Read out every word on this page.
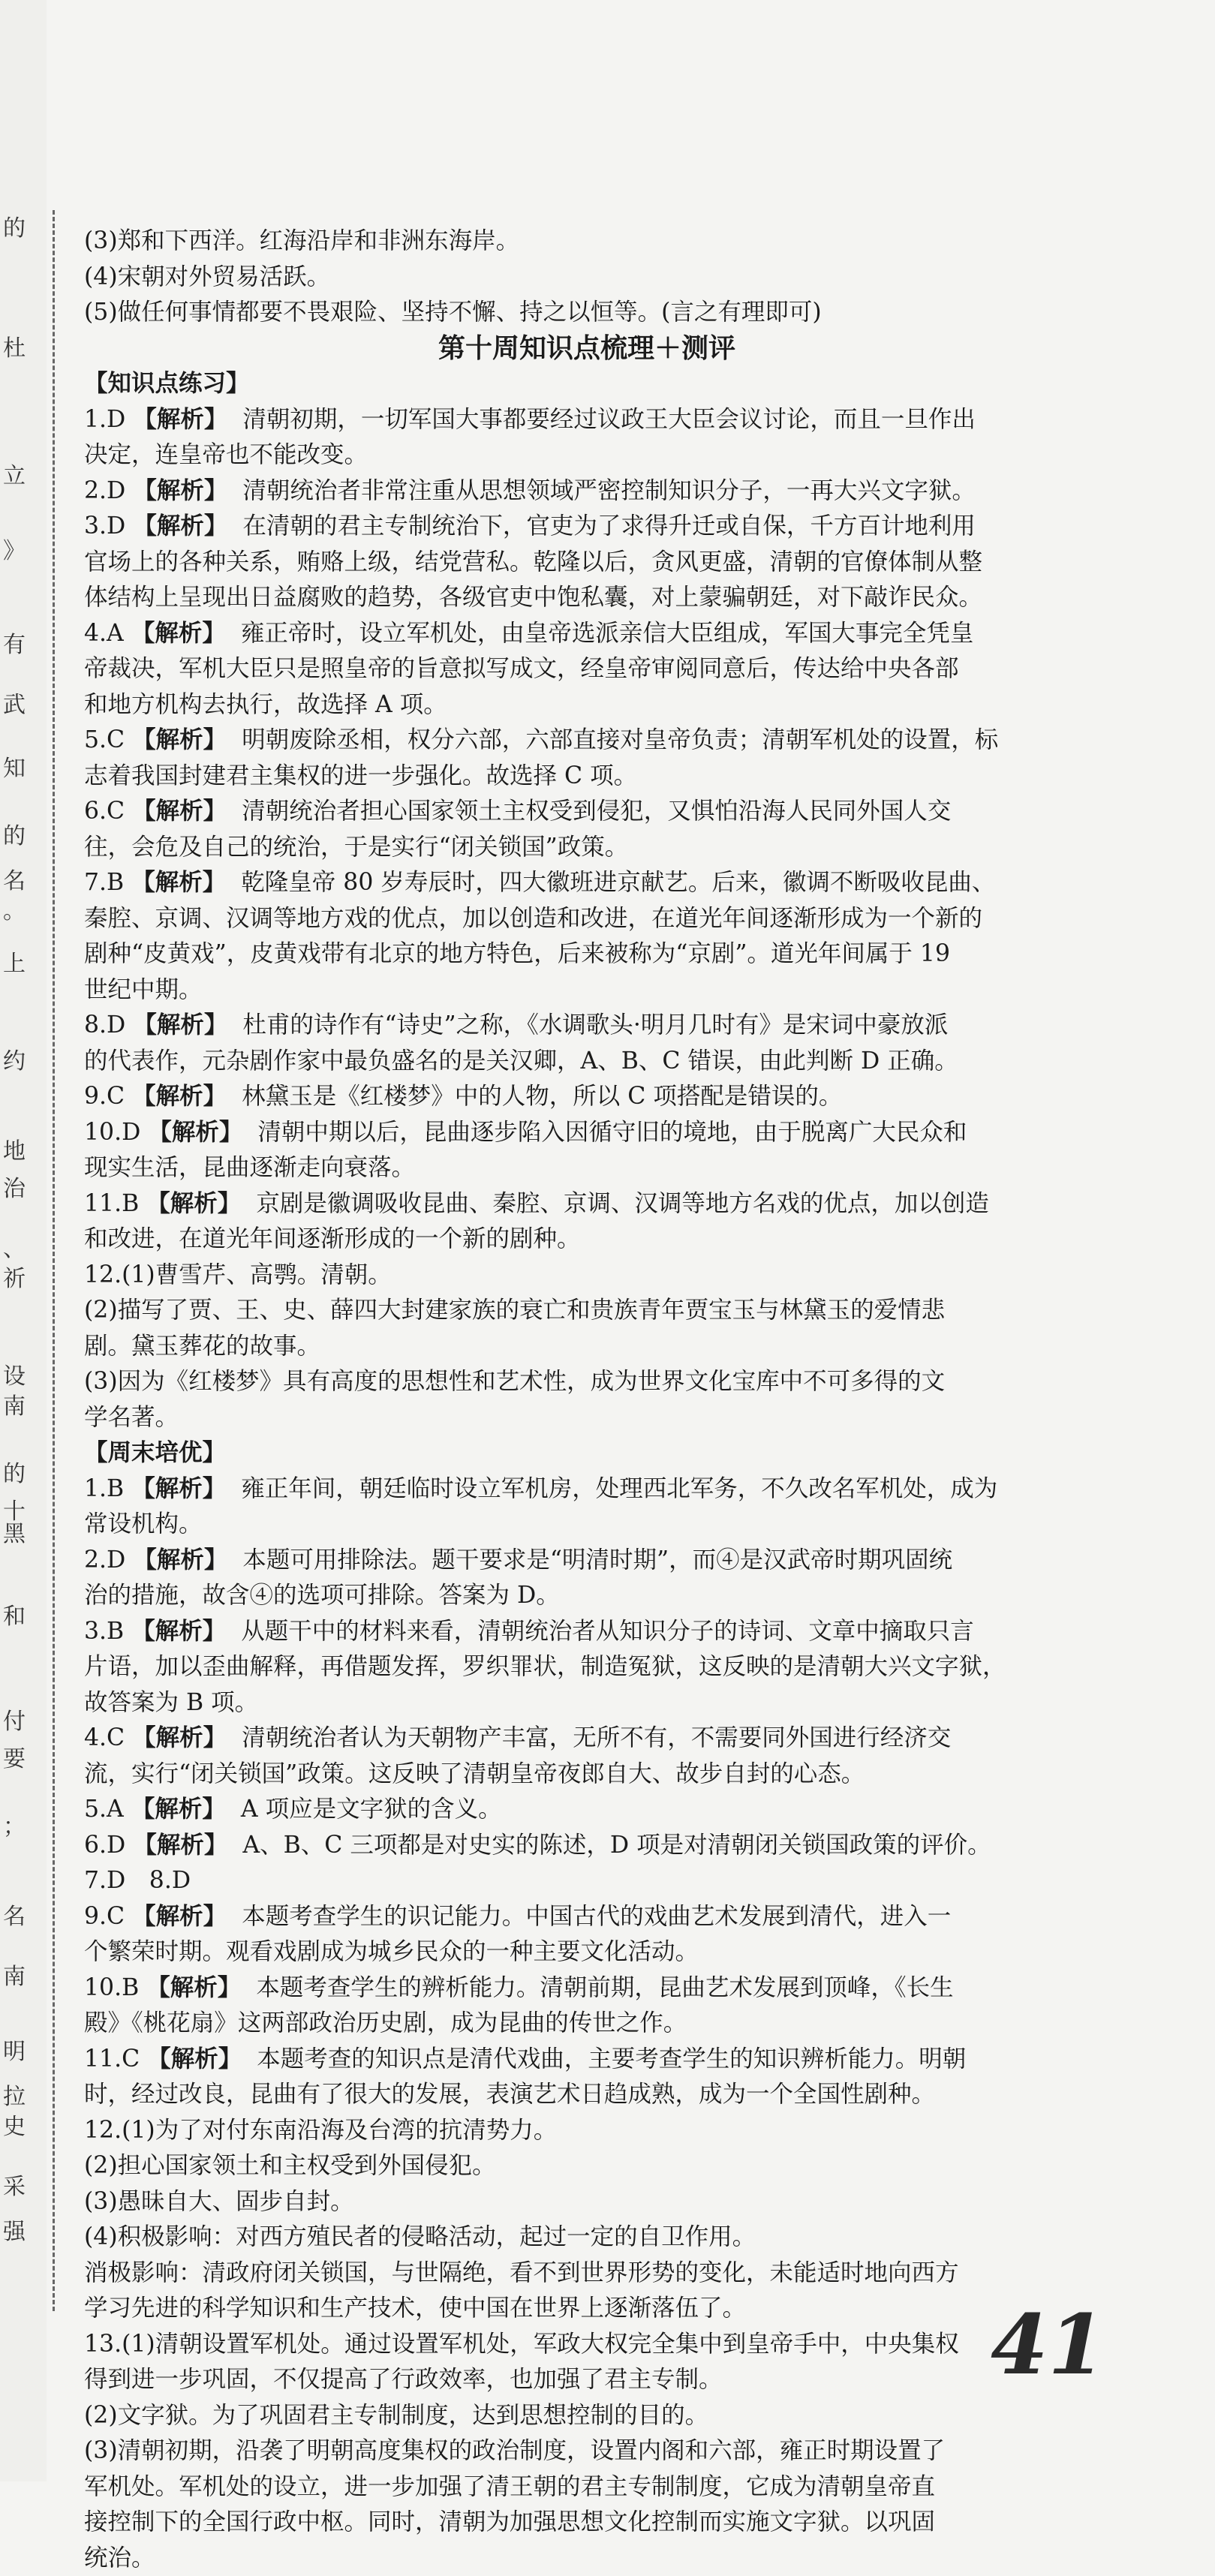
的
杜
立
》
有
武
知
的
名
。
上
约
地
治
、
祈
设
南
的
十
黑
和
付
要
；
名
南
明
拉
史
采
强
(3)郑和下西洋。红海沿岸和非洲东海岸。
(4)宋朝对外贸易活跃。
(5)做任何事情都要不畏艰险、坚持不懈、持之以恒等。(言之有理即可)
第十周知识点梳理＋测评
【知识点练习】
1.D 【解析】 清朝初期，一切军国大事都要经过议政王大臣会议讨论，而且一旦作出
决定，连皇帝也不能改变。
2.D 【解析】 清朝统治者非常注重从思想领域严密控制知识分子，一再大兴文字狱。
3.D 【解析】 在清朝的君主专制统治下，官吏为了求得升迁或自保，千方百计地利用
官场上的各种关系，贿赂上级，结党营私。乾隆以后，贪风更盛，清朝的官僚体制从整
体结构上呈现出日益腐败的趋势，各级官吏中饱私囊，对上蒙骗朝廷，对下敲诈民众。
4.A 【解析】 雍正帝时，设立军机处，由皇帝选派亲信大臣组成，军国大事完全凭皇
帝裁决，军机大臣只是照皇帝的旨意拟写成文，经皇帝审阅同意后，传达给中央各部
和地方机构去执行，故选择 A 项。
5.C 【解析】 明朝废除丞相，权分六部，六部直接对皇帝负责；清朝军机处的设置，标
志着我国封建君主集权的进一步强化。故选择 C 项。
6.C 【解析】 清朝统治者担心国家领土主权受到侵犯，又惧怕沿海人民同外国人交
往，会危及自己的统治，于是实行“闭关锁国”政策。
7.B 【解析】 乾隆皇帝 80 岁寿辰时，四大徽班进京献艺。后来，徽调不断吸收昆曲、
秦腔、京调、汉调等地方戏的优点，加以创造和改进，在道光年间逐渐形成为一个新的
剧种“皮黄戏”，皮黄戏带有北京的地方特色，后来被称为“京剧”。道光年间属于 19
世纪中期。
8.D 【解析】 杜甫的诗作有“诗史”之称，《水调歌头·明月几时有》是宋词中豪放派
的代表作，元杂剧作家中最负盛名的是关汉卿，A、B、C 错误，由此判断 D 正确。
9.C 【解析】 林黛玉是《红楼梦》中的人物，所以 C 项搭配是错误的。
10.D 【解析】 清朝中期以后，昆曲逐步陷入因循守旧的境地，由于脱离广大民众和
现实生活，昆曲逐渐走向衰落。
11.B 【解析】 京剧是徽调吸收昆曲、秦腔、京调、汉调等地方名戏的优点，加以创造
和改进，在道光年间逐渐形成的一个新的剧种。
12.(1)曹雪芹、高鹗。清朝。
(2)描写了贾、王、史、薛四大封建家族的衰亡和贵族青年贾宝玉与林黛玉的爱情悲
剧。黛玉葬花的故事。
(3)因为《红楼梦》具有高度的思想性和艺术性，成为世界文化宝库中不可多得的文
学名著。
【周末培优】
1.B 【解析】 雍正年间，朝廷临时设立军机房，处理西北军务，不久改名军机处，成为
常设机构。
2.D 【解析】 本题可用排除法。题干要求是“明清时期”，而④是汉武帝时期巩固统
治的措施，故含④的选项可排除。答案为 D。
3.B 【解析】 从题干中的材料来看，清朝统治者从知识分子的诗词、文章中摘取只言
片语，加以歪曲解释，再借题发挥，罗织罪状，制造冤狱，这反映的是清朝大兴文字狱，
故答案为 B 项。
4.C 【解析】 清朝统治者认为天朝物产丰富，无所不有，不需要同外国进行经济交
流，实行“闭关锁国”政策。这反映了清朝皇帝夜郎自大、故步自封的心态。
5.A 【解析】 A 项应是文字狱的含义。
6.D 【解析】 A、B、C 三项都是对史实的陈述，D 项是对清朝闭关锁国政策的评价。
7.D　8.D
9.C 【解析】 本题考查学生的识记能力。中国古代的戏曲艺术发展到清代，进入一
个繁荣时期。观看戏剧成为城乡民众的一种主要文化活动。
10.B 【解析】 本题考查学生的辨析能力。清朝前期，昆曲艺术发展到顶峰，《长生
殿》《桃花扇》这两部政治历史剧，成为昆曲的传世之作。
11.C 【解析】 本题考查的知识点是清代戏曲，主要考查学生的知识辨析能力。明朝
时，经过改良，昆曲有了很大的发展，表演艺术日趋成熟，成为一个全国性剧种。
12.(1)为了对付东南沿海及台湾的抗清势力。
(2)担心国家领土和主权受到外国侵犯。
(3)愚昧自大、固步自封。
(4)积极影响：对西方殖民者的侵略活动，起过一定的自卫作用。
消极影响：清政府闭关锁国，与世隔绝，看不到世界形势的变化，未能适时地向西方
学习先进的科学知识和生产技术，使中国在世界上逐渐落伍了。
13.(1)清朝设置军机处。通过设置军机处，军政大权完全集中到皇帝手中，中央集权
得到进一步巩固，不仅提高了行政效率，也加强了君主专制。
(2)文字狱。为了巩固君主专制制度，达到思想控制的目的。
(3)清朝初期，沿袭了明朝高度集权的政治制度，设置内阁和六部，雍正时期设置了
军机处。军机处的设立，进一步加强了清王朝的君主专制制度，它成为清朝皇帝直
接控制下的全国行政中枢。同时，清朝为加强思想文化控制而实施文字狱。以巩固
统治。
41
